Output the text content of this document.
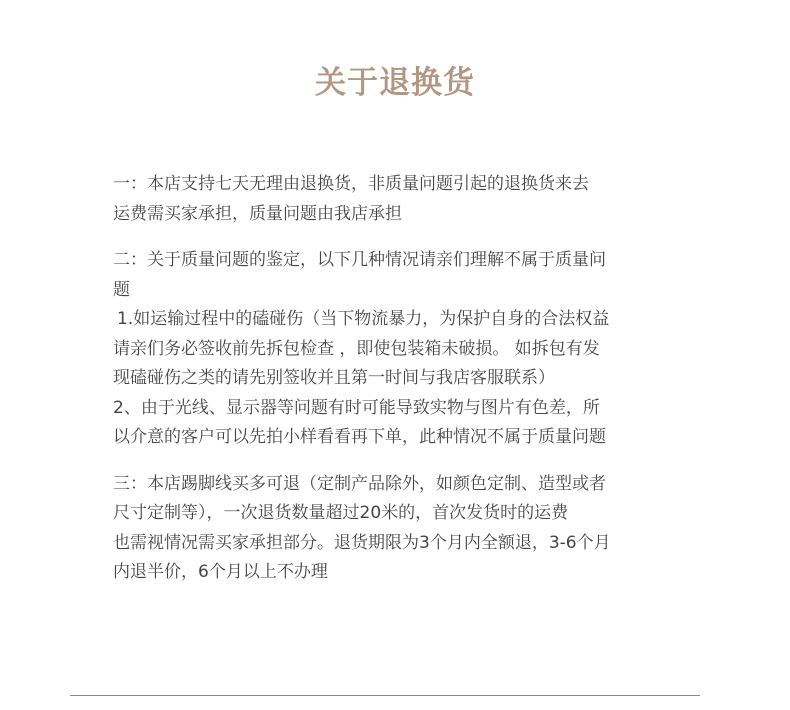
关于退换货
一：本店支持七天无理由退换货，非质量问题引起的退换货来去
运费需买家承担，质量问题由我店承担
二：关于质量问题的鉴定，以下几种情况请亲们理解不属于质量问
题
1.如运输过程中的磕碰伤（当下物流暴力，为保护自身的合法权益
请亲们务必签收前先拆包检查 ，即使包装箱未破损。 如拆包有发
现磕碰伤之类的请先别签收并且第一时间与我店客服联系）
2、由于光线、显示器等问题有时可能导致实物与图片有色差，所
以介意的客户可以先拍小样看看再下单，此种情况不属于质量问题
三：本店踢脚线买多可退（定制产品除外，如颜色定制、造型或者
尺寸定制等），一次退货数量超过20米的，首次发货时的运费
也需视情况需买家承担部分。退货期限为3个月内全额退，3-6个月
内退半价，6个月以上不办理
